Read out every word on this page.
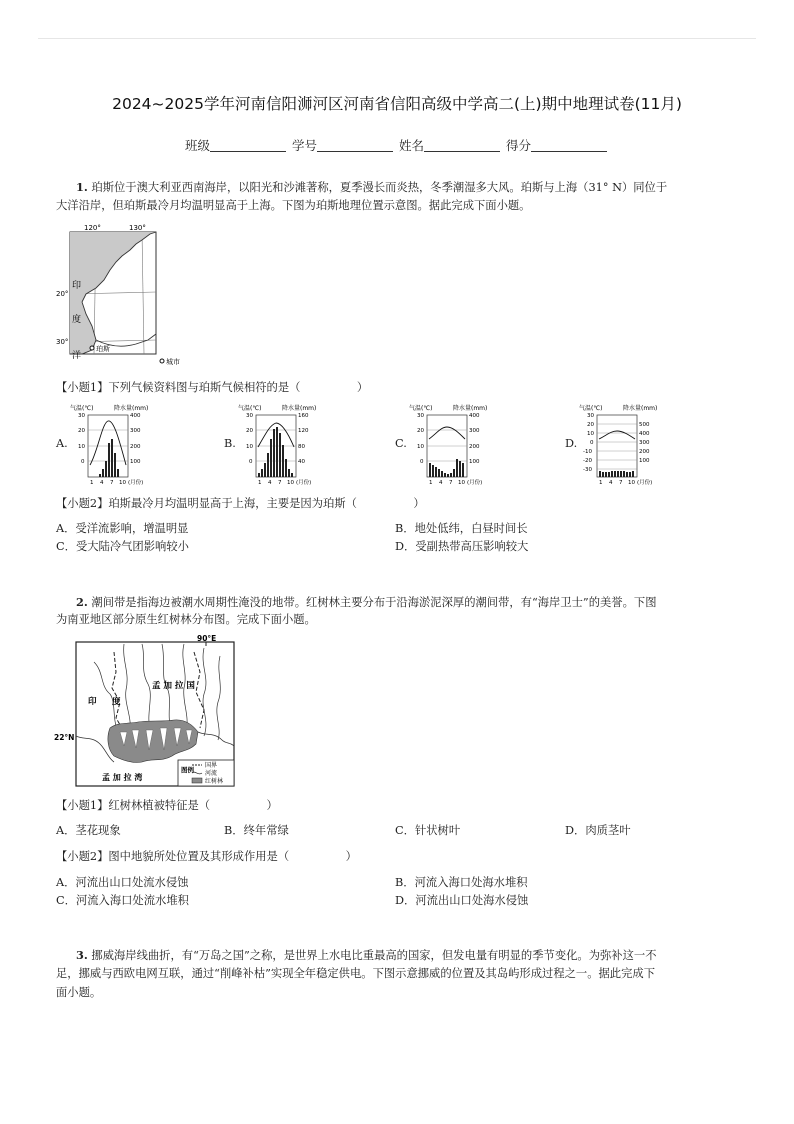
2024~2025学年河南信阳浉河区河南省信阳高级中学高二(上)期中地理试卷(11月)
班级	学号	姓名	得分
1. 珀斯位于澳大利亚西南海岸，以阳光和沙滩著称，夏季漫长而炎热，冬季潮湿多大风。珀斯与上海（31° N）同位于
大洋沿岸，但珀斯最冷月均温明显高于上海。下图为珀斯地理位置示意图。据此完成下面小题。
120°	130°
20°
30°
印
度
洋
珀斯
城市
【小题1】下列气候资料图与珀斯气候相符的是（　　　　　）
A.	B.	C.	D.
气温(℃)	降水量(mm)
30
20
10
0
400
300
200
100
1 4 7 10 (月份)
气温(℃)	降水量(mm)
30
20
10
0
160
120
80
40
1 4 7 10 (月份)
气温(℃)	降水量(mm)
30
20
10
0
400
300
200
100
1 4 7 10 (月份)
气温(℃)	降水量(mm)
30
20
10
0
-10
-20
-30
500
400
300
200
100
1 4 7 10 (月份)
【小题2】珀斯最冷月均温明显高于上海，主要是因为珀斯（　　　　　）
A．受洋流影响，增温明显	B．地处低纬，白昼时间长
C．受大陆冷气团影响较小	D．受副热带高压影响较大
2. 潮间带是指海边被潮水周期性淹没的地带。红树林主要分布于沿海淤泥深厚的潮间带，有“海岸卫士”的美誉。下图
为南亚地区部分原生红树林分布图。完成下面小题。
90°E
22°N
孟 加 拉 国
印 度
孟 加 拉 湾
图例
国界
河流
红树林
【小题1】红树林植被特征是（　　　　　）
A．茎花现象	B．终年常绿	C．针状树叶	D．肉质茎叶
【小题2】图中地貌所处位置及其形成作用是（　　　　　）
A．河流出山口处流水侵蚀	B．河流入海口处海水堆积
C．河流入海口处流水堆积	D．河流出山口处海水侵蚀
3. 挪威海岸线曲折，有“万岛之国”之称，是世界上水电比重最高的国家，但发电量有明显的季节变化。为弥补这一不
足，挪威与西欧电网互联，通过“削峰补枯”实现全年稳定供电。下图示意挪威的位置及其岛屿形成过程之一。据此完成下
面小题。
